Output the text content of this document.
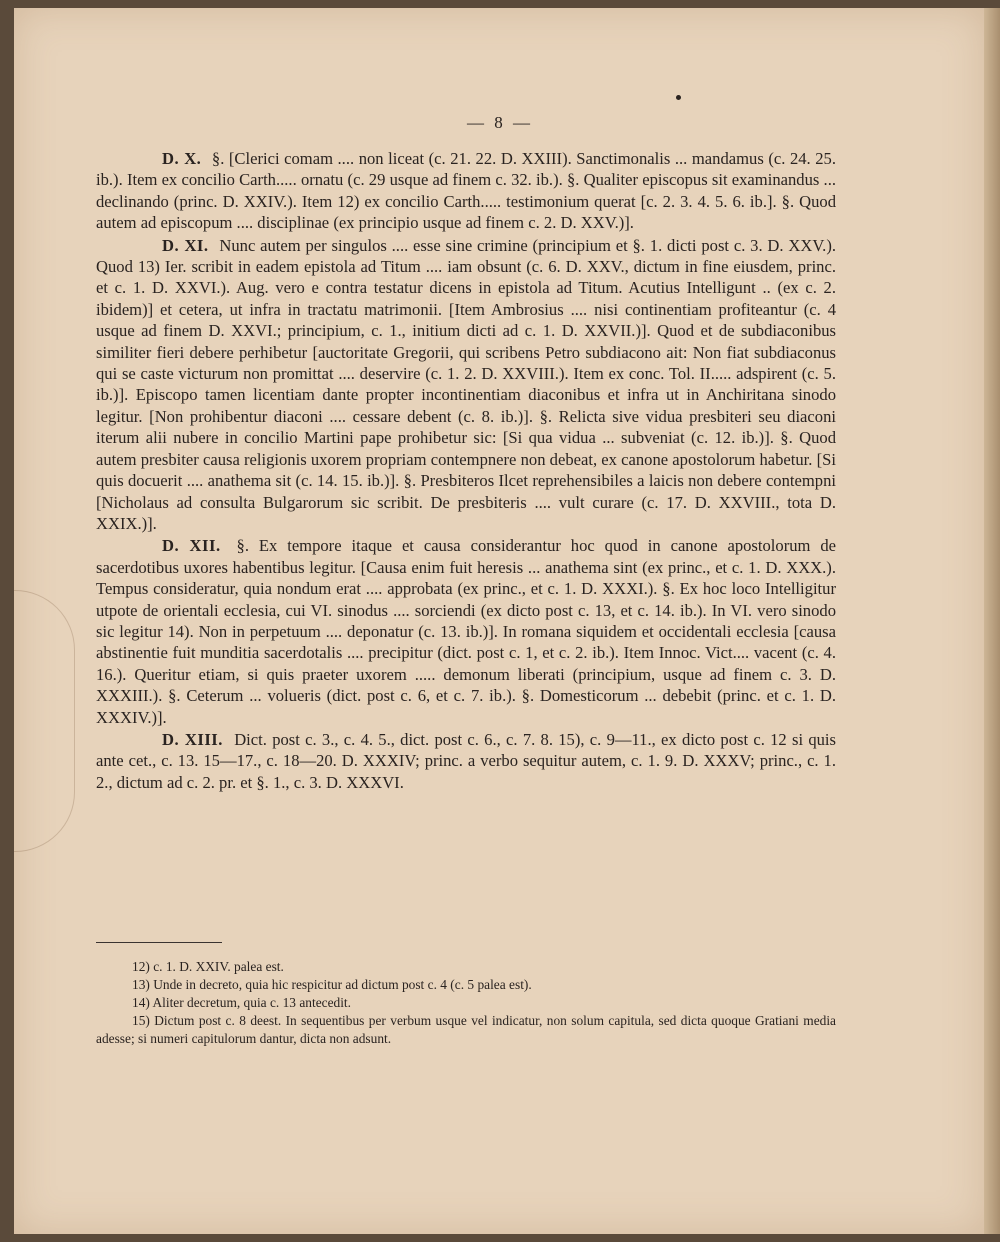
— 8 —

D. X. §. [Clerici comam .... non liceat (c. 21. 22. D. XXIII). Sanctimonalis ... mandamus (c. 24. 25. ib.). Item ex concilio Carth..... ornatu (c. 29 usque ad finem c. 32. ib.). §. Qualiter episcopus sit examinandus ... declinando (princ. D. XXIV.). Item 12) ex concilio Carth..... testimonium querat [c. 2. 3. 4. 5. 6. ib.]. §. Quod autem ad episcopum .... disciplinae (ex principio usque ad finem c. 2. D. XXV.)].

D. XI. Nunc autem per singulos .... esse sine crimine (principium et §. 1. dicti post c. 3. D. XXV.). Quod 13) Ier. scribit in eadem epistola ad Titum .... iam obsunt (c. 6. D. XXV., dictum in fine eiusdem, princ. et c. 1. D. XXVI.). Aug. vero e contra testatur dicens in epistola ad Titum. Acutius Intelligunt .. (ex c. 2. ibidem)] et cetera, ut infra in tractatu matrimonii. [Item Ambrosius .... nisi continentiam profiteantur (c. 4 usque ad finem D. XXVI.; principium, c. 1., initium dicti ad c. 1. D. XXVII.)]. Quod et de subdiaconibus similiter fieri debere perhibetur [auctoritate Gregorii, qui scribens Petro subdiacono ait: Non fiat subdiaconus qui se caste victurum non promittat .... deservire (c. 1. 2. D. XXVIII.). Item ex conc. Tol. II..... adspirent (c. 5. ib.)]. Episcopo tamen licentiam dante propter incontinentiam diaconibus et infra ut in Anchiritana sinodo legitur. [Non prohibentur diaconi .... cessare debent (c. 8. ib.)]. §. Relicta sive vidua presbiteri seu diaconi iterum alii nubere in concilio Martini pape prohibetur sic: [Si qua vidua ... subveniat (c. 12. ib.)]. §. Quod autem presbiter causa religionis uxorem propriam contempnere non debeat, ex canone apostolorum habetur. [Si quis docuerit .... anathema sit (c. 14. 15. ib.)]. §. Presbiteros Ilcet reprehensibiles a laicis non debere contempni [Nicholaus ad consulta Bulgarorum sic scribit. De presbiteris .... vult curare (c. 17. D. XXVIII., tota D. XXIX.)].

D. XII. §. Ex tempore itaque et causa considerantur hoc quod in canone apostolorum de sacerdotibus uxores habentibus legitur. [Causa enim fuit heresis ... anathema sint (ex princ., et c. 1. D. XXX.). Tempus consideratur, quia nondum erat .... approbata (ex princ., et c. 1. D. XXXI.). §. Ex hoc loco Intelligitur utpote de orientali ecclesia, cui VI. sinodus .... sorciendi (ex dicto post c. 13, et c. 14. ib.). In VI. vero sinodo sic legitur 14). Non in perpetuum .... deponatur (c. 13. ib.)]. In romana siquidem et occidentali ecclesia [causa abstinentie fuit munditia sacerdotalis .... precipitur (dict. post c. 1, et c. 2. ib.). Item Innoc. Vict.... vacent (c. 4. 16.). Queritur etiam, si quis praeter uxorem ..... demonum liberati (principium, usque ad finem c. 3. D. XXXIII.). §. Ceterum ... volueris (dict. post c. 6, et c. 7. ib.). §. Domesticorum ... debebit (princ. et c. 1. D. XXXIV.)].

D. XIII. Dict. post c. 3., c. 4. 5., dict. post c. 6., c. 7. 8. 15), c. 9—11., ex dicto post c. 12 si quis ante cet., c. 13. 15—17., c. 18—20. D. XXXIV; princ. a verbo sequitur autem, c. 1. 9. D. XXXV; princ., c. 1. 2., dictum ad c. 2. pr. et §. 1., c. 3. D. XXXVI.

12) c. 1. D. XXIV. palea est.

13) Unde in decreto, quia hic respicitur ad dictum post c. 4 (c. 5 palea est).

14) Aliter decretum, quia c. 13 antecedit.

15) Dictum post c. 8 deest. In sequentibus per verbum usque vel indicatur, non solum capitula, sed dicta quoque Gratiani media adesse; si numeri capitulorum dantur, dicta non adsunt.
